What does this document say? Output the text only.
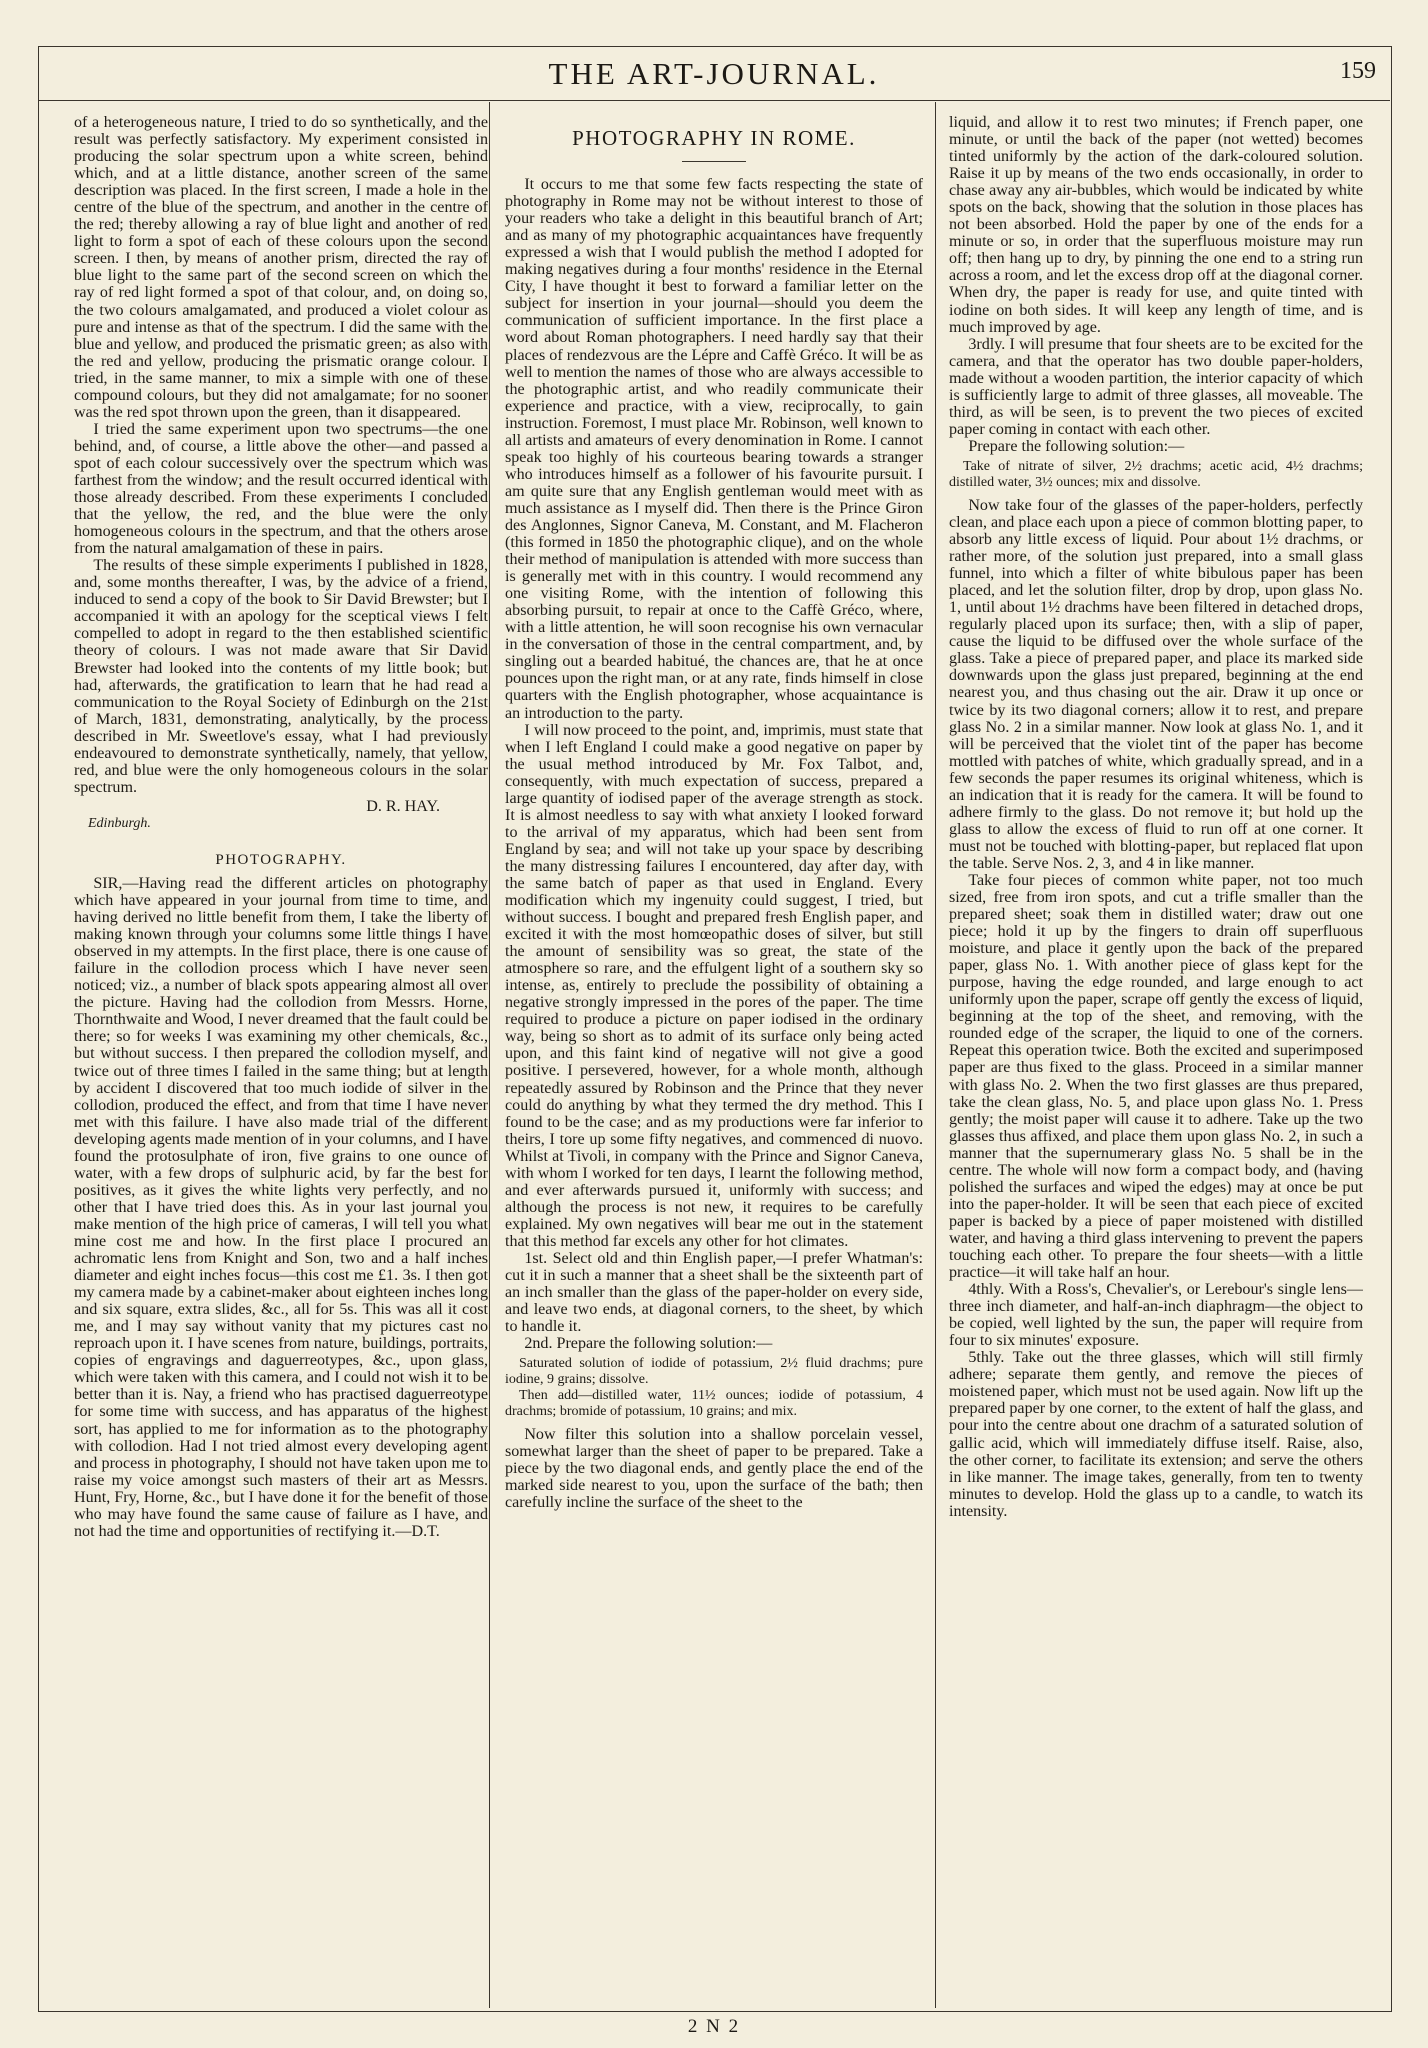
THE ART-JOURNAL.	159

of a heterogeneous nature, I tried to do so synthetically, and the result was perfectly satisfactory. My experiment consisted in producing the solar spectrum upon a white screen, behind which, and at a little distance, another screen of the same description was placed. In the first screen, I made a hole in the centre of the blue of the spectrum, and another in the centre of the red; thereby allowing a ray of blue light and another of red light to form a spot of each of these colours upon the second screen. I then, by means of another prism, directed the ray of blue light to the same part of the second screen on which the ray of red light formed a spot of that colour, and, on doing so, the two colours amalgamated, and produced a violet colour as pure and intense as that of the spectrum. I did the same with the blue and yellow, and produced the prismatic green; as also with the red and yellow, producing the prismatic orange colour. I tried, in the same manner, to mix a simple with one of these compound colours, but they did not amalgamate; for no sooner was the red spot thrown upon the green, than it disappeared.

I tried the same experiment upon two spectrums—the one behind, and, of course, a little above the other—and passed a spot of each colour successively over the spectrum which was farthest from the window; and the result occurred identical with those already described. From these experiments I concluded that the yellow, the red, and the blue were the only homogeneous colours in the spectrum, and that the others arose from the natural amalgamation of these in pairs.

The results of these simple experiments I published in 1828, and, some months thereafter, I was, by the advice of a friend, induced to send a copy of the book to Sir David Brewster; but I accompanied it with an apology for the sceptical views I felt compelled to adopt in regard to the then established scientific theory of colours. I was not made aware that Sir David Brewster had looked into the contents of my little book; but had, afterwards, the gratification to learn that he had read a communication to the Royal Society of Edinburgh on the 21st of March, 1831, demonstrating, analytically, by the process described in Mr. Sweetlove's essay, what I had previously endeavoured to demonstrate synthetically, namely, that yellow, red, and blue were the only homogeneous colours in the solar spectrum.

D. R. HAY.
Edinburgh.
PHOTOGRAPHY.

SIR,—Having read the different articles on photography which have appeared in your journal from time to time, and having derived no little benefit from them, I take the liberty of making known through your columns some little things I have observed in my attempts. In the first place, there is one cause of failure in the collodion process which I have never seen noticed; viz., a number of black spots appearing almost all over the picture. Having had the collodion from Messrs. Horne, Thornthwaite and Wood, I never dreamed that the fault could be there; so for weeks I was examining my other chemicals, &c., but without success. I then prepared the collodion myself, and twice out of three times I failed in the same thing; but at length by accident I discovered that too much iodide of silver in the collodion, produced the effect, and from that time I have never met with this failure. I have also made trial of the different developing agents made mention of in your columns, and I have found the protosulphate of iron, five grains to one ounce of water, with a few drops of sulphuric acid, by far the best for positives, as it gives the white lights very perfectly, and no other that I have tried does this. As in your last journal you make mention of the high price of cameras, I will tell you what mine cost me and how. In the first place I procured an achromatic lens from Knight and Son, two and a half inches diameter and eight inches focus—this cost me £1. 3s. I then got my camera made by a cabinet-maker about eighteen inches long and six square, extra slides, &c., all for 5s. This was all it cost me, and I may say without vanity that my pictures cast no reproach upon it. I have scenes from nature, buildings, portraits, copies of engravings and daguerreotypes, &c., upon glass, which were taken with this camera, and I could not wish it to be better than it is. Nay, a friend who has practised daguerreotype for some time with success, and has apparatus of the highest sort, has applied to me for information as to the photography with collodion. Had I not tried almost every developing agent and process in photography, I should not have taken upon me to raise my voice amongst such masters of their art as Messrs. Hunt, Fry, Horne, &c., but I have done it for the benefit of those who may have found the same cause of failure as I have, and not had the time and opportunities of rectifying it.—D.T.

PHOTOGRAPHY IN ROME.

It occurs to me that some few facts respecting the state of photography in Rome may not be without interest to those of your readers who take a delight in this beautiful branch of Art; and as many of my photographic acquaintances have frequently expressed a wish that I would publish the method I adopted for making negatives during a four months' residence in the Eternal City, I have thought it best to forward a familiar letter on the subject for insertion in your journal—should you deem the communication of sufficient importance. In the first place a word about Roman photographers. I need hardly say that their places of rendezvous are the Lépre and Caffè Gréco. It will be as well to mention the names of those who are always accessible to the photographic artist, and who readily communicate their experience and practice, with a view, reciprocally, to gain instruction. Foremost, I must place Mr. Robinson, well known to all artists and amateurs of every denomination in Rome. I cannot speak too highly of his courteous bearing towards a stranger who introduces himself as a follower of his favourite pursuit. I am quite sure that any English gentleman would meet with as much assistance as I myself did. Then there is the Prince Giron des Anglonnes, Signor Caneva, M. Constant, and M. Flacheron (this formed in 1850 the photographic clique), and on the whole their method of manipulation is attended with more success than is generally met with in this country. I would recommend any one visiting Rome, with the intention of following this absorbing pursuit, to repair at once to the Caffè Gréco, where, with a little attention, he will soon recognise his own vernacular in the conversation of those in the central compartment, and, by singling out a bearded habitué, the chances are, that he at once pounces upon the right man, or at any rate, finds himself in close quarters with the English photographer, whose acquaintance is an introduction to the party.

I will now proceed to the point, and, imprimis, must state that when I left England I could make a good negative on paper by the usual method introduced by Mr. Fox Talbot, and, consequently, with much expectation of success, prepared a large quantity of iodised paper of the average strength as stock. It is almost needless to say with what anxiety I looked forward to the arrival of my apparatus, which had been sent from England by sea; and will not take up your space by describing the many distressing failures I encountered, day after day, with the same batch of paper as that used in England. Every modification which my ingenuity could suggest, I tried, but without success. I bought and prepared fresh English paper, and excited it with the most homœopathic doses of silver, but still the amount of sensibility was so great, the state of the atmosphere so rare, and the effulgent light of a southern sky so intense, as, entirely to preclude the possibility of obtaining a negative strongly impressed in the pores of the paper. The time required to produce a picture on paper iodised in the ordinary way, being so short as to admit of its surface only being acted upon, and this faint kind of negative will not give a good positive. I persevered, however, for a whole month, although repeatedly assured by Robinson and the Prince that they never could do anything by what they termed the dry method. This I found to be the case; and as my productions were far inferior to theirs, I tore up some fifty negatives, and commenced di nuovo. Whilst at Tivoli, in company with the Prince and Signor Caneva, with whom I worked for ten days, I learnt the following method, and ever afterwards pursued it, uniformly with success; and although the process is not new, it requires to be carefully explained. My own negatives will bear me out in the statement that this method far excels any other for hot climates.

1st. Select old and thin English paper,—I prefer Whatman's: cut it in such a manner that a sheet shall be the sixteenth part of an inch smaller than the glass of the paper-holder on every side, and leave two ends, at diagonal corners, to the sheet, by which to handle it.

2nd. Prepare the following solution:—

Saturated solution of iodide of potassium, 2½ fluid drachms; pure iodine, 9 grains; dissolve.

Then add—distilled water, 11½ ounces; iodide of potassium, 4 drachms; bromide of potassium, 10 grains; and mix.

Now filter this solution into a shallow porcelain vessel, somewhat larger than the sheet of paper to be prepared. Take a piece by the two diagonal ends, and gently place the end of the marked side nearest to you, upon the surface of the bath; then carefully incline the surface of the sheet to the

liquid, and allow it to rest two minutes; if French paper, one minute, or until the back of the paper (not wetted) becomes tinted uniformly by the action of the dark-coloured solution. Raise it up by means of the two ends occasionally, in order to chase away any air-bubbles, which would be indicated by white spots on the back, showing that the solution in those places has not been absorbed. Hold the paper by one of the ends for a minute or so, in order that the superfluous moisture may run off; then hang up to dry, by pinning the one end to a string run across a room, and let the excess drop off at the diagonal corner. When dry, the paper is ready for use, and quite tinted with iodine on both sides. It will keep any length of time, and is much improved by age.

3rdly. I will presume that four sheets are to be excited for the camera, and that the operator has two double paper-holders, made without a wooden partition, the interior capacity of which is sufficiently large to admit of three glasses, all moveable. The third, as will be seen, is to prevent the two pieces of excited paper coming in contact with each other.

Prepare the following solution:—

Take of nitrate of silver, 2½ drachms; acetic acid, 4½ drachms; distilled water, 3½ ounces; mix and dissolve.

Now take four of the glasses of the paper-holders, perfectly clean, and place each upon a piece of common blotting paper, to absorb any little excess of liquid. Pour about 1½ drachms, or rather more, of the solution just prepared, into a small glass funnel, into which a filter of white bibulous paper has been placed, and let the solution filter, drop by drop, upon glass No. 1, until about 1½ drachms have been filtered in detached drops, regularly placed upon its surface; then, with a slip of paper, cause the liquid to be diffused over the whole surface of the glass. Take a piece of prepared paper, and place its marked side downwards upon the glass just prepared, beginning at the end nearest you, and thus chasing out the air. Draw it up once or twice by its two diagonal corners; allow it to rest, and prepare glass No. 2 in a similar manner. Now look at glass No. 1, and it will be perceived that the violet tint of the paper has become mottled with patches of white, which gradually spread, and in a few seconds the paper resumes its original whiteness, which is an indication that it is ready for the camera. It will be found to adhere firmly to the glass. Do not remove it; but hold up the glass to allow the excess of fluid to run off at one corner. It must not be touched with blotting-paper, but replaced flat upon the table. Serve Nos. 2, 3, and 4 in like manner.

Take four pieces of common white paper, not too much sized, free from iron spots, and cut a trifle smaller than the prepared sheet; soak them in distilled water; draw out one piece; hold it up by the fingers to drain off superfluous moisture, and place it gently upon the back of the prepared paper, glass No. 1. With another piece of glass kept for the purpose, having the edge rounded, and large enough to act uniformly upon the paper, scrape off gently the excess of liquid, beginning at the top of the sheet, and removing, with the rounded edge of the scraper, the liquid to one of the corners. Repeat this operation twice. Both the excited and superimposed paper are thus fixed to the glass. Proceed in a similar manner with glass No. 2. When the two first glasses are thus prepared, take the clean glass, No. 5, and place upon glass No. 1. Press gently; the moist paper will cause it to adhere. Take up the two glasses thus affixed, and place them upon glass No. 2, in such a manner that the supernumerary glass No. 5 shall be in the centre. The whole will now form a compact body, and (having polished the surfaces and wiped the edges) may at once be put into the paper-holder. It will be seen that each piece of excited paper is backed by a piece of paper moistened with distilled water, and having a third glass intervening to prevent the papers touching each other. To prepare the four sheets—with a little practice—it will take half an hour.

4thly. With a Ross's, Chevalier's, or Lerebour's single lens—three inch diameter, and half-an-inch diaphragm—the object to be copied, well lighted by the sun, the paper will require from four to six minutes' exposure.

5thly. Take out the three glasses, which will still firmly adhere; separate them gently, and remove the pieces of moistened paper, which must not be used again. Now lift up the prepared paper by one corner, to the extent of half the glass, and pour into the centre about one drachm of a saturated solution of gallic acid, which will immediately diffuse itself. Raise, also, the other corner, to facilitate its extension; and serve the others in like manner. The image takes, generally, from ten to twenty minutes to develop. Hold the glass up to a candle, to watch its intensity.

2 N 2
